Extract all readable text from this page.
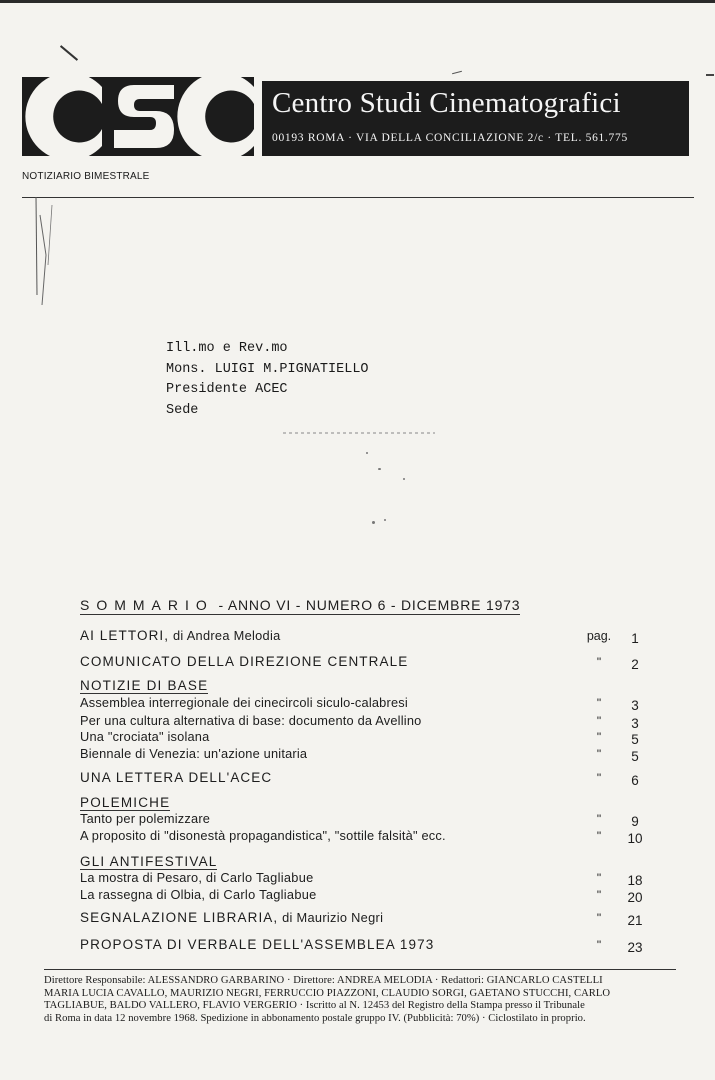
Centro Studi Cinematografici
00193 ROMA · VIA DELLA CONCILIAZIONE 2/c · TEL. 561.775
NOTIZIARIO BIMESTRALE
Ill.mo e Rev.mo
Mons. LUIGI M.PIGNATIELLO
Presidente ACEC
Sede
SOMMARIO - ANNO VI - NUMERO 6 - DICEMBRE 1973
AI LETTORI, di Andrea Melodia	pag.	1
COMUNICATO DELLA DIREZIONE CENTRALE	"	2
NOTIZIE DI BASE
Assemblea interregionale dei cinecircoli siculo-calabresi	"	3
Per una cultura alternativa di base: documento da Avellino	"	3
Una "crociata" isolana	"	5
Biennale di Venezia: un'azione unitaria	"	5
UNA LETTERA DELL'ACEC	"	6
POLEMICHE
Tanto per polemizzare	"	9
A proposito di "disonestà propagandistica", "sottile falsità" ecc.	"	10
GLI ANTIFESTIVAL
La mostra di Pesaro, di Carlo Tagliabue	"	18
La rassegna di Olbia, di Carlo Tagliabue	"	20
SEGNALAZIONE LIBRARIA, di Maurizio Negri	"	21
PROPOSTA DI VERBALE DELL'ASSEMBLEA 1973	"	23
Direttore Responsabile: ALESSANDRO GARBARINO · Direttore: ANDREA MELODIA · Redattori: GIANCARLO CASTELLI
MARIA LUCIA CAVALLO, MAURIZIO NEGRI, FERRUCCIO PIAZZONI, CLAUDIO SORGI, GAETANO STUCCHI, CARLO
TAGLIABUE, BALDO VALLERO, FLAVIO VERGERIO · Iscritto al N. 12453 del Registro della Stampa presso il Tribunale
di Roma in data 12 novembre 1968. Spedizione in abbonamento postale gruppo IV. (Pubblicità: 70%) · Ciclostilato in proprio.
